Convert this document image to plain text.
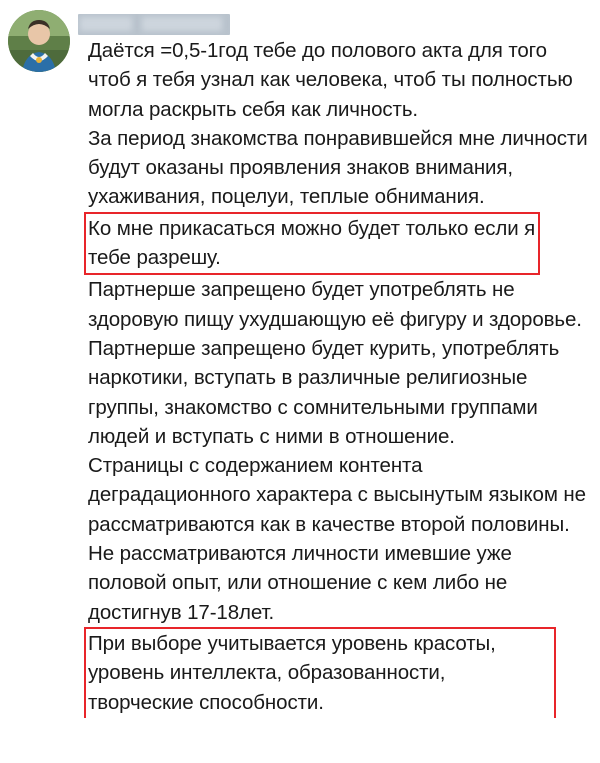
Даётся =0,5-1год тебе до полового акта для того чтоб я тебя узнал как человека, чтоб ты полностью могла раскрыть себя как личность.

За период знакомства понравившейся мне личности будут оказаны проявления знаков внимания, ухаживания, поцелуи, теплые обнимания.

Ко мне прикасаться можно будет только если я тебе разрешу.

Партнерше запрещено будет употреблять не здоровую пищу ухудшающую её фигуру и здоровье.

Партнерше запрещено будет курить, употреблять наркотики, вступать в различные религиозные группы, знакомство с сомнительными группами людей и вступать с ними в отношение.

Страницы с содержанием контента деградационного характера с высынутым языком не рассматриваются как в качестве второй половины.

Не рассматриваются личности имевшие уже половой опыт, или отношение с кем либо не достигнув 17-18лет.

При выборе учитывается уровень красоты, уровень интеллекта, образованности, творческие способности.
